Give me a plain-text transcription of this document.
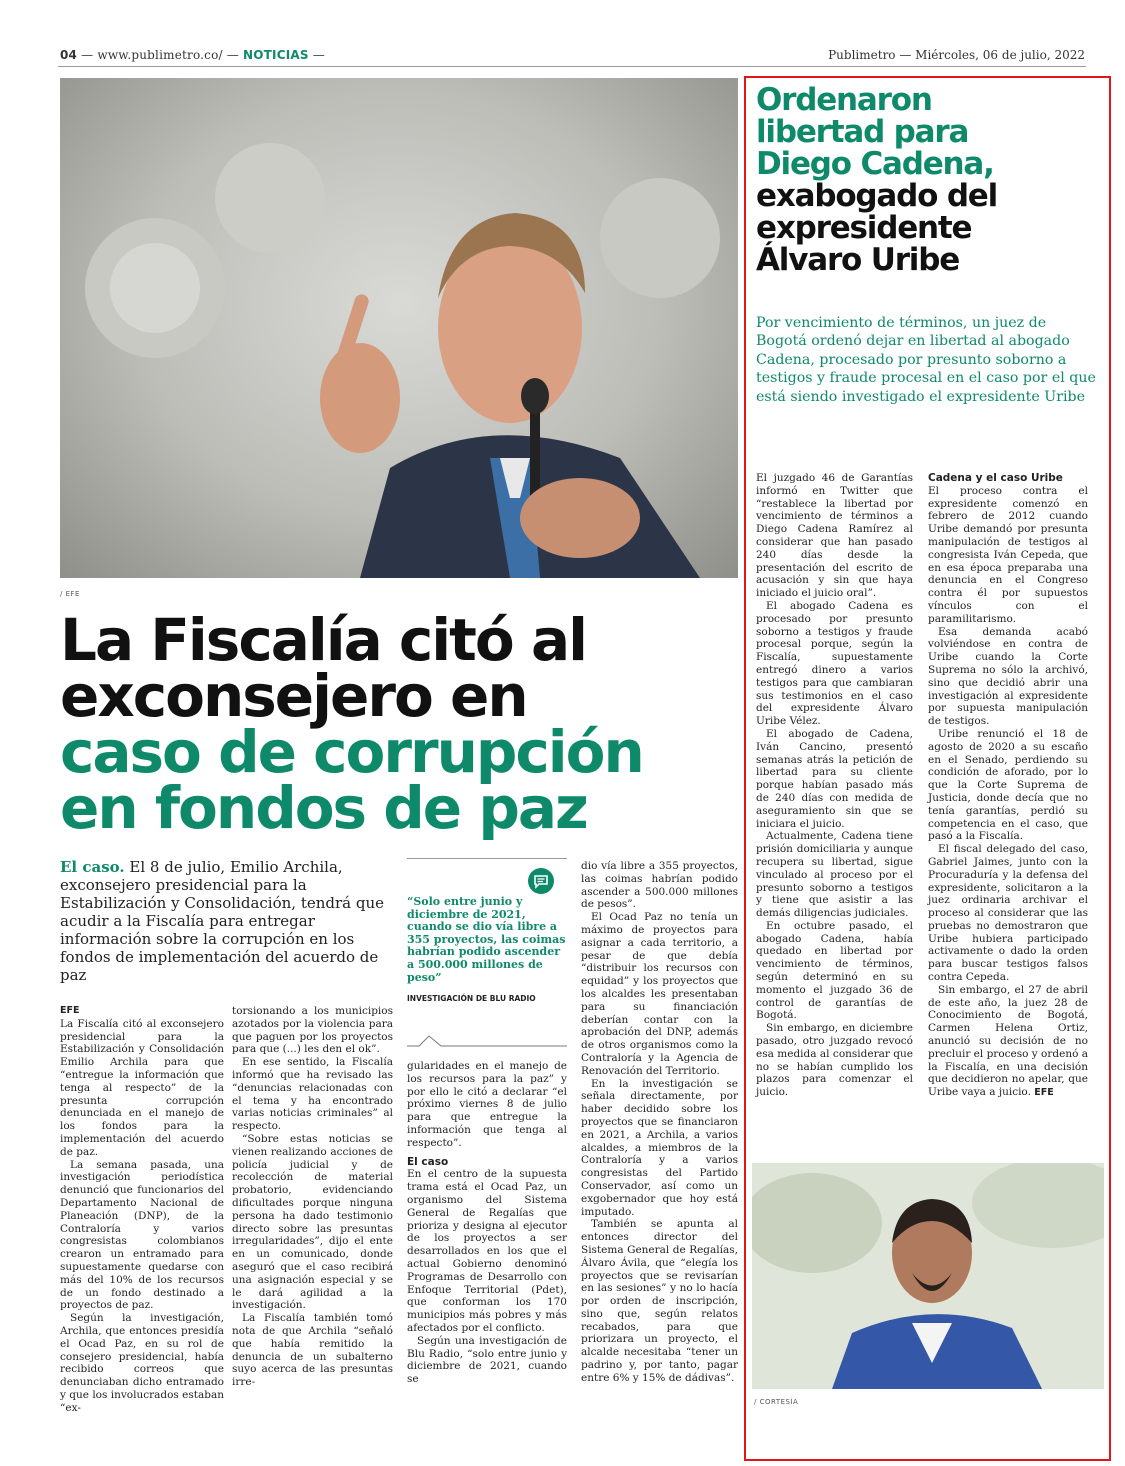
04 — www.publimetro.co/ — NOTICIAS —	Publimetro — Miércoles, 06 de julio, 2022
/ EFE
La Fiscalía citó al
exconsejero en
caso de corrupción
en fondos de paz
El caso. El 8 de julio, Emilio Archila, exconsejero presidencial para la Estabilización y Consolidación, tendrá que acudir a la Fiscalía para entregar información sobre la corrupción en los fondos de implementación del acuerdo de paz
EFE

La Fiscalía citó al exconsejero presidencial para la Estabilización y Consolidación Emilio Archila para que “entregue la información que tenga al respecto” de la presunta corrupción denunciada en el manejo de los fondos para la implementación del acuerdo de paz.

La semana pasada, una investigación periodística denunció que funcionarios del Departamento Nacional de Planeación (DNP), de la Contraloría y varios congresistas colombianos crearon un entramado para supuestamente quedarse con más del 10% de los recursos de un fondo destinado a proyectos de paz.

Según la investigación, Archila, que entonces presidía el Ocad Paz, en su rol de consejero presidencial, había recibido correos que denunciaban dicho entramado y que los involucrados estaban “ex-

torsionando a los municipios azotados por la violencia para que paguen por los proyectos para que (...) les den el ok”.

En ese sentido, la Fiscalía informó que ha revisado las “denuncias relacionadas con el tema y ha encontrado varias noticias criminales” al respecto.

“Sobre estas noticias se vienen realizando acciones de policía judicial y de recolección de material probatorio, evidenciando dificultades porque ninguna persona ha dado testimonio directo sobre las presuntas irregularidades”, dijo el ente en un comunicado, donde aseguró que el caso recibirá una asignación especial y se le dará agilidad a la investigación.

La Fiscalía también tomó nota de que Archila “señaló que había remitido la denuncia de un subalterno suyo acerca de las presuntas irre-

“Solo entre junio y diciembre de 2021, cuando se dio vía libre a 355 proyectos, las coimas habrían podido ascender a 500.000 millones de peso”
INVESTIGACIÓN DE BLU RADIO

gularidades en el manejo de los recursos para la paz” y por ello le citó a declarar “el próximo viernes 8 de julio para que entregue la información que tenga al respecto”.

El caso

En el centro de la supuesta trama está el Ocad Paz, un organismo del Sistema General de Regalías que prioriza y designa al ejecutor de los proyectos a ser desarrollados en los que el actual Gobierno denominó Programas de Desarrollo con Enfoque Territorial (Pdet), que conforman los 170 municipios más pobres y más afectados por el conflicto.

Según una investigación de Blu Radio, “solo entre junio y diciembre de 2021, cuando se

dio vía libre a 355 proyectos, las coimas habrían podido ascender a 500.000 millones de pesos”.

El Ocad Paz no tenía un máximo de proyectos para asignar a cada territorio, a pesar de que debía “distribuir los recursos con equidad” y los proyectos que los alcaldes les presentaban para su financiación deberían contar con la aprobación del DNP, además de otros organismos como la Contraloría y la Agencia de Renovación del Territorio.

En la investigación se señala directamente, por haber decidido sobre los proyectos que se financiaron en 2021, a Archila, a varios alcaldes, a miembros de la Contraloría y a varios congresistas del Partido Conservador, así como un exgobernador que hoy está imputado.

También se apunta al entonces director del Sistema General de Regalías, Álvaro Ávila, que “elegía los proyectos que se revisarían en las sesiones” y no lo hacía por orden de inscripción, sino que, según relatos recabados, para que priorizara un proyecto, el alcalde necesitaba “tener un padrino y, por tanto, pagar entre 6% y 15% de dádivas”.

Ordenaron
libertad para
Diego Cadena,
exabogado del
expresidente
Álvaro Uribe
Por vencimiento de términos, un juez de Bogotá ordenó dejar en libertad al abogado Cadena, procesado por presunto soborno a testigos y fraude procesal en el caso por el que está siendo investigado el expresidente Uribe

El juzgado 46 de Garantías informó en Twitter que “restablece la libertad por vencimiento de términos a Diego Cadena Ramírez al considerar que han pasado 240 días desde la presentación del escrito de acusación y sin que haya iniciado el juicio oral”.

El abogado Cadena es procesado por presunto soborno a testigos y fraude procesal porque, según la Fiscalía, supuestamente entregó dinero a varios testigos para que cambiaran sus testimonios en el caso del expresidente Álvaro Uribe Vélez.

El abogado de Cadena, Iván Cancino, presentó semanas atrás la petición de libertad para su cliente porque habían pasado más de 240 días con medida de aseguramiento sin que se iniciara el juicio.

Actualmente, Cadena tiene prisión domiciliaria y aunque recupera su libertad, sigue vinculado al proceso por el presunto soborno a testigos y tiene que asistir a las demás diligencias judiciales.

En octubre pasado, el abogado Cadena, había quedado en libertad por vencimiento de términos, según determinó en su momento el juzgado 36 de control de garantías de Bogotá.

Sin embargo, en diciembre pasado, otro juzgado revocó esa medida al considerar que no se habían cumplido los plazos para comenzar el juicio.

Cadena y el caso Uribe

El proceso contra el expresidente comenzó en febrero de 2012 cuando Uribe demandó por presunta manipulación de testigos al congresista Iván Cepeda, que en esa época preparaba una denuncia en el Congreso contra él por supuestos vínculos con el paramilitarismo.

Esa demanda acabó volviéndose en contra de Uribe cuando la Corte Suprema no sólo la archivó, sino que decidió abrir una investigación al expresidente por supuesta manipulación de testigos.

Uribe renunció el 18 de agosto de 2020 a su escaño en el Senado, perdiendo su condición de aforado, por lo que la Corte Suprema de Justicia, donde decía que no tenía garantías, perdió su competencia en el caso, que pasó a la Fiscalía.

El fiscal delegado del caso, Gabriel Jaimes, junto con la Procuraduría y la defensa del expresidente, solicitaron a la juez ordinaria archivar el proceso al considerar que las pruebas no demostraron que Uribe hubiera participado activamente o dado la orden para buscar testigos falsos contra Cepeda.

Sin embargo, el 27 de abril de este año, la juez 28 de Conocimiento de Bogotá, Carmen Helena Ortiz, anunció su decisión de no precluir el proceso y ordenó a la Fiscalía, en una decisión que decidieron no apelar, que Uribe vaya a juicio. EFE

/ CORTESÍA
